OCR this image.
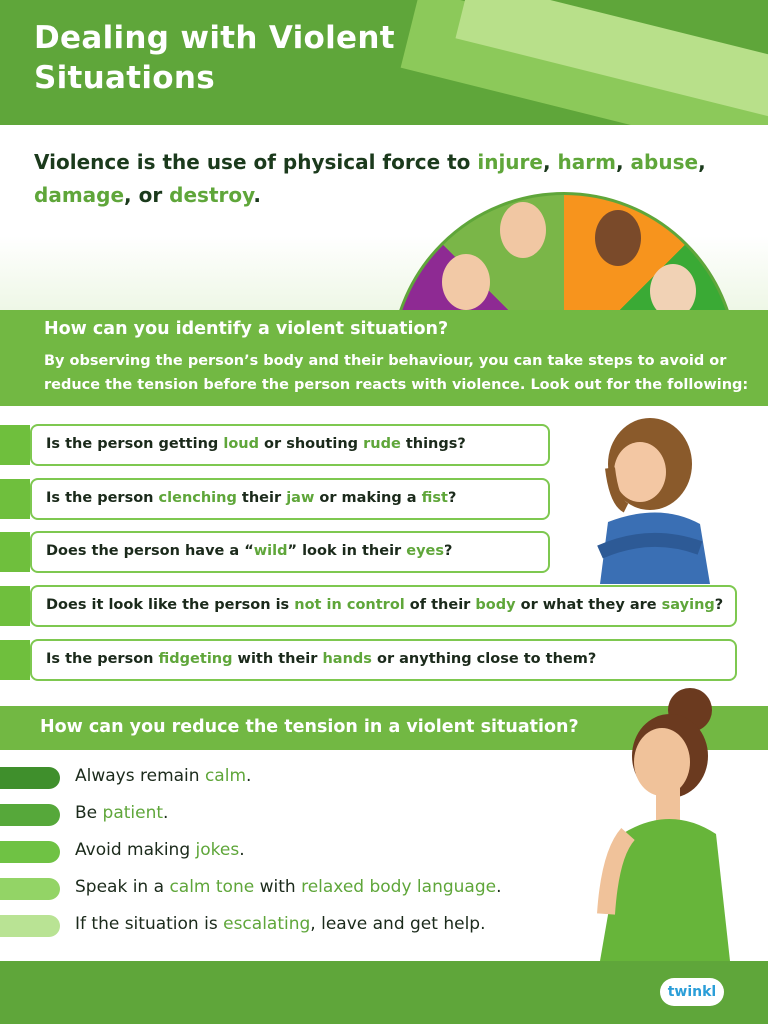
Dealing with Violent
Situations
Violence is the use of physical force to injure, harm, abuse,
damage, or destroy.
How can you identify a violent situation?
By observing the person’s body and their behaviour, you can take steps to avoid or reduce the tension before the person reacts with violence. Look out for the following:
Is the person getting loud or shouting rude things?
Is the person clenching their jaw or making a fist?
Does the person have a “wild” look in their eyes?
Does it look like the person is not in control of their body or what they are saying?
Is the person fidgeting with their hands or anything close to them?
How can you reduce the tension in a violent situation?
Always remain calm.
Be patient.
Avoid making jokes.
Speak in a calm tone with relaxed body language.
If the situation is escalating, leave and get help.
twinkl
